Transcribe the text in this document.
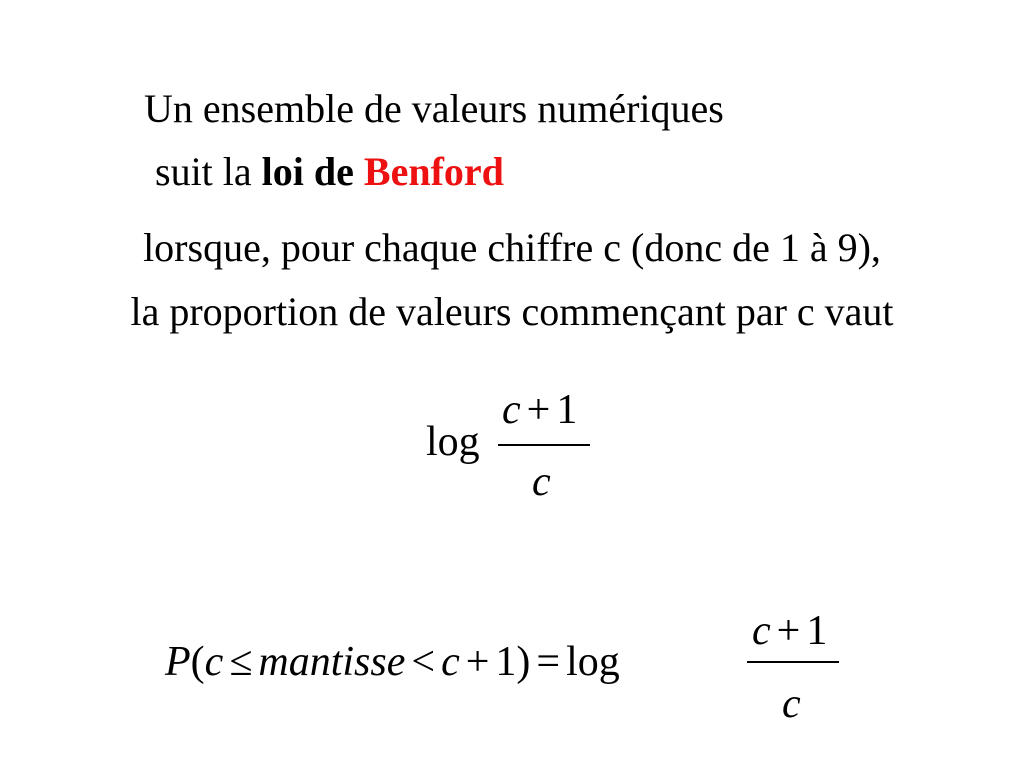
Un ensemble de valeurs numériques
suit la loi de Benford
lorsque, pour chaque chiffre c (donc de 1 à 9),
la proportion de valeurs commençant par c vaut
log
c + 1
c
P(c ≤ mantisse < c + 1) = log
c + 1
c
